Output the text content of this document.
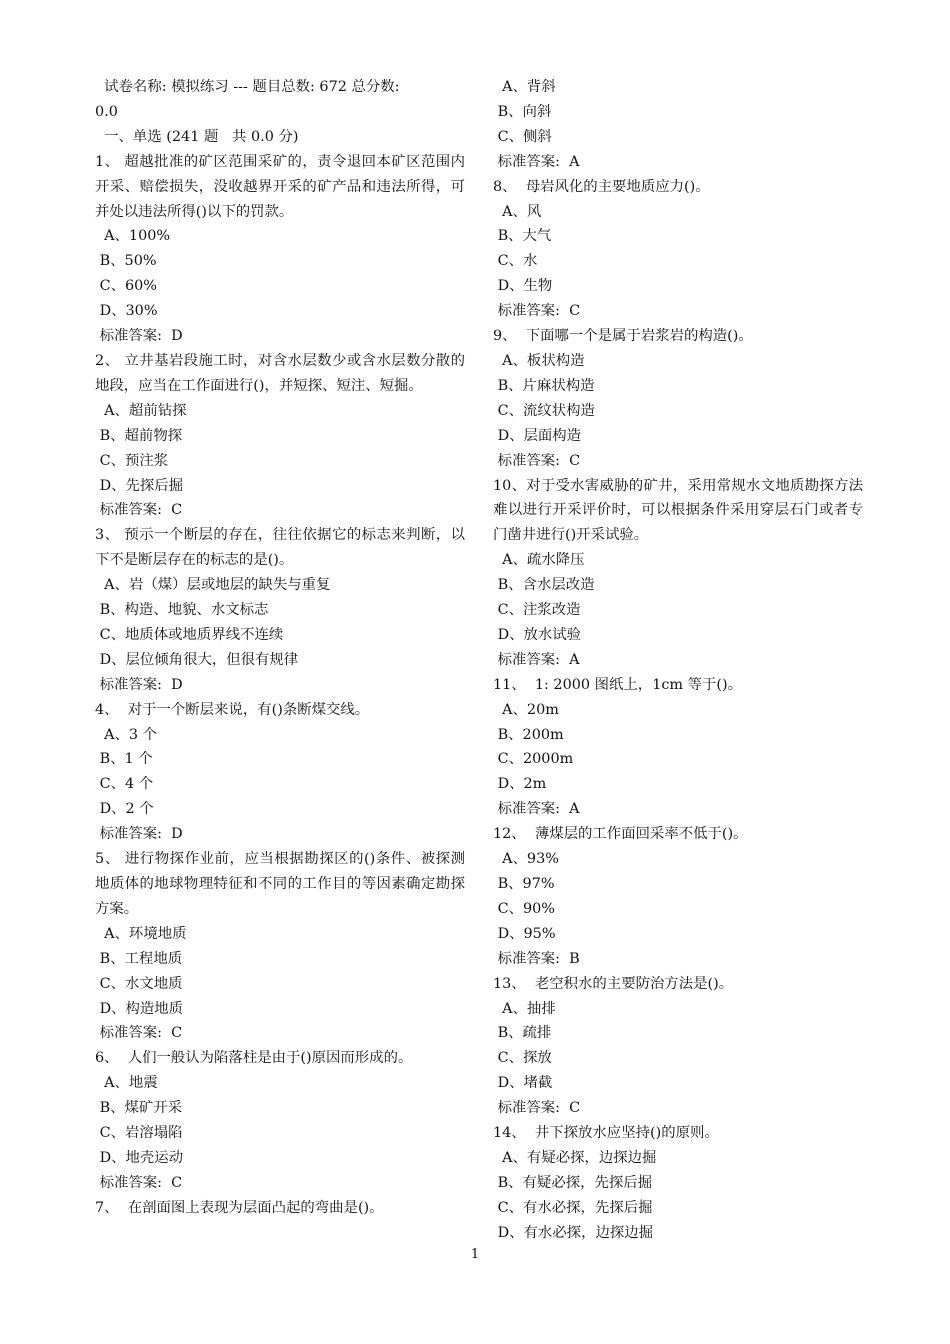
试卷名称: 模拟练习 --- 题目总数: 672 总分数:
0.0
一、单选 (241 题   共 0.0 分)
1、 超越批准的矿区范围采矿的，责令退回本矿区范围内开采、赔偿损失，没收越界开采的矿产品和违法所得，可并处以违法所得()以下的罚款。
A、100%
B、50%
C、60%
D、30%
标准答案:  D
2、 立井基岩段施工时，对含水层数少或含水层数分散的地段，应当在工作面进行()，并短探、短注、短掘。
A、超前钻探
B、超前物探
C、预注浆
D、先探后掘
标准答案:  C
3、 预示一个断层的存在，往往依据它的标志来判断，以下不是断层存在的标志的是()。
A、岩（煤）层或地层的缺失与重复
B、构造、地貌、水文标志
C、地质体或地质界线不连续
D、层位倾角很大，但很有规律
标准答案:  D
4、  对于一个断层来说，有()条断煤交线。
A、3 个
B、1 个
C、4 个
D、2 个
标准答案:  D
5、 进行物探作业前，应当根据勘探区的()条件、被探测地质体的地球物理特征和不同的工作目的等因素确定勘探方案。
A、环境地质
B、工程地质
C、水文地质
D、构造地质
标准答案:  C
6、  人们一般认为陷落柱是由于()原因而形成的。
A、地震
B、煤矿开采
C、岩溶塌陷
D、地壳运动
标准答案:  C
7、  在剖面图上表现为层面凸起的弯曲是()。
A、背斜
B、向斜
C、侧斜
标准答案:  A
8、  母岩风化的主要地质应力()。
A、风
B、大气
C、水
D、生物
标准答案:  C
9、  下面哪一个是属于岩浆岩的构造()。
A、板状构造
B、片麻状构造
C、流纹状构造
D、层面构造
标准答案:  C
10、对于受水害威胁的矿井，采用常规水文地质勘探方法难以进行开采评价时，可以根据条件采用穿层石门或者专门凿井进行()开采试验。
A、疏水降压
B、含水层改造
C、注浆改造
D、放水试验
标准答案:  A
11、  1: 2000 图纸上，1cm 等于()。
A、20m
B、200m
C、2000m
D、2m
标准答案:  A
12、  薄煤层的工作面回采率不低于()。
A、93%
B、97%
C、90%
D、95%
标准答案:  B
13、  老空积水的主要防治方法是()。
A、抽排
B、疏排
C、探放
D、堵截
标准答案:  C
14、  井下探放水应坚持()的原则。
A、有疑必探，边探边掘
B、有疑必探，先探后掘
C、有水必探，先探后掘
D、有水必探，边探边掘
1
